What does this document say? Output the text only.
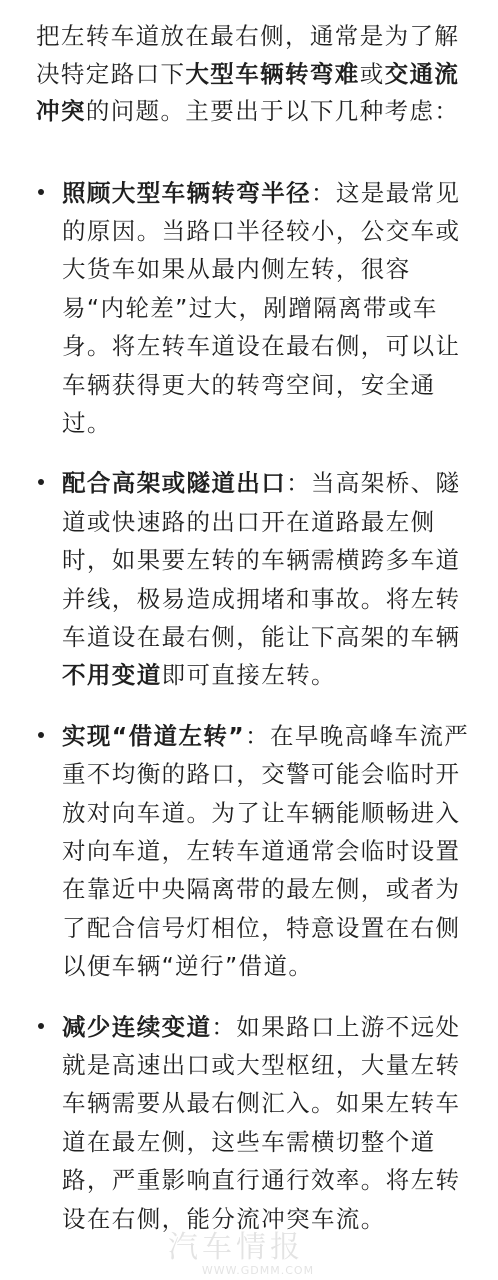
把左转车道放在最右侧，通常是为了解决特定路口下大型车辆转弯难或交通流冲突的问题。主要出于以下几种考虑：

照顾大型车辆转弯半径：这是最常见的原因。当路口半径较小，公交车或大货车如果从最内侧左转，很容易“内轮差”过大，剐蹭隔离带或车身。将左转车道设在最右侧，可以让车辆获得更大的转弯空间，安全通过。

配合高架或隧道出口：当高架桥、隧道或快速路的出口开在道路最左侧时，如果要左转的车辆需横跨多车道并线，极易造成拥堵和事故。将左转车道设在最右侧，能让下高架的车辆不用变道即可直接左转。

实现“借道左转”：在早晚高峰车流严重不均衡的路口，交警可能会临时开放对向车道。为了让车辆能顺畅进入对向车道，左转车道通常会临时设置在靠近中央隔离带的最左侧，或者为了配合信号灯相位，特意设置在右侧以便车辆“逆行”借道。

减少连续变道：如果路口上游不远处就是高速出口或大型枢纽，大量左转车辆需要从最右侧汇入。如果左转车道在最左侧，这些车需横切整个道路，严重影响直行通行效率。将左转设在右侧，能分流冲突车流。

汽车情报
WWW.GDMM.COM
